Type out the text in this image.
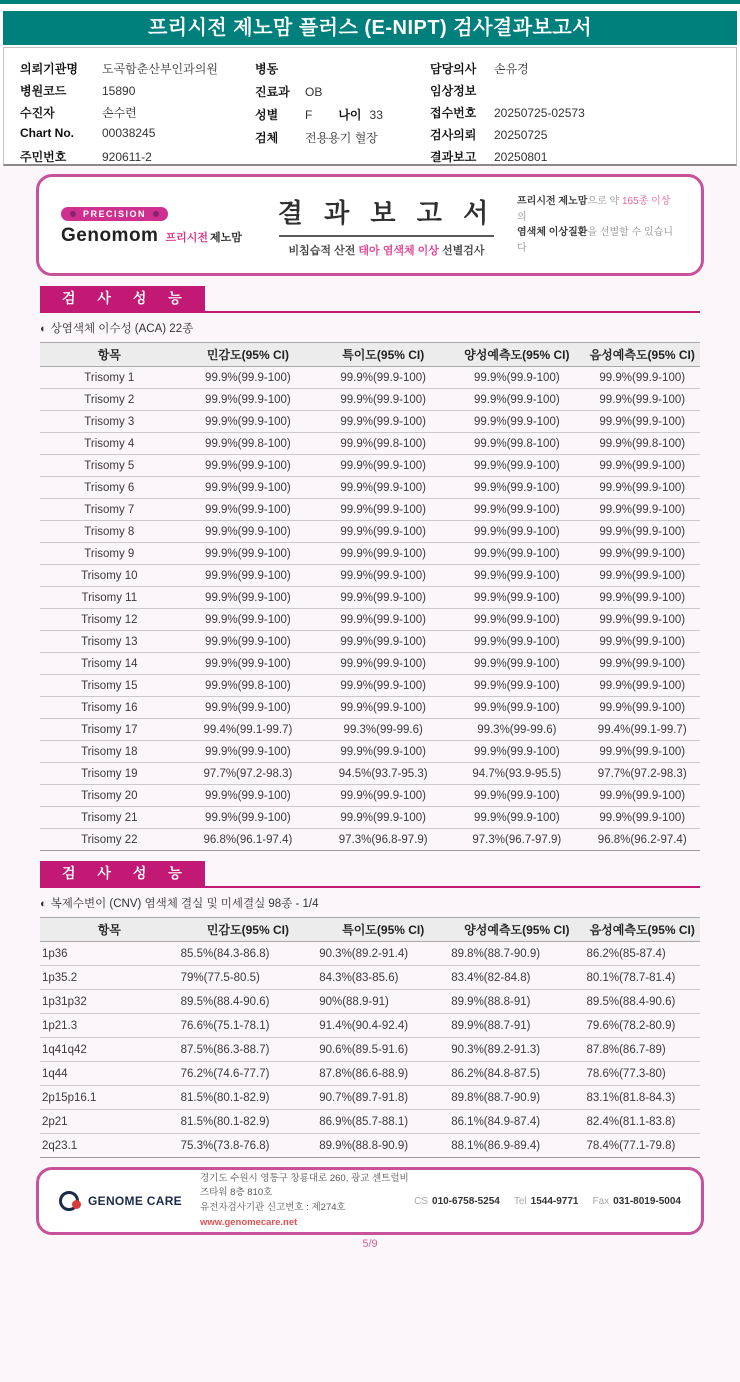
프리시전 제노맘 플러스 (E-NIPT) 검사결과보고서
의뢰기관명	도곡함춘산부인과의원
병원코드	15890
수진자	손수련
Chart No.	00038245
주민번호	920611-2
병동
진료과	OB
성별	F 나이 33
검체	전용용기 혈장
담당의사	손유경
임상정보
접수번호	20250725-02573
검사의뢰	20250725
결과보고	20250801
PRECISION
Genomom 프리시전 제노맘
결 과 보 고 서
비침습적 산전 태아 염색체 이상 선별검사
프리시전 제노맘으로 약 165종 이상의
염색체 이상질환을 선별할 수 있습니다
검 사 성 능
◐ 상염색체 이수성 (ACA) 22종
항목	민감도(95% CI)	특이도(95% CI)	양성예측도(95% CI)	음성예측도(95% CI)
Trisomy 1	99.9%(99.9-100)	99.9%(99.9-100)	99.9%(99.9-100)	99.9%(99.9-100)
Trisomy 2	99.9%(99.9-100)	99.9%(99.9-100)	99.9%(99.9-100)	99.9%(99.9-100)
Trisomy 3	99.9%(99.9-100)	99.9%(99.9-100)	99.9%(99.9-100)	99.9%(99.9-100)
Trisomy 4	99.9%(99.8-100)	99.9%(99.8-100)	99.9%(99.8-100)	99.9%(99.8-100)
Trisomy 5	99.9%(99.9-100)	99.9%(99.9-100)	99.9%(99.9-100)	99.9%(99.9-100)
Trisomy 6	99.9%(99.9-100)	99.9%(99.9-100)	99.9%(99.9-100)	99.9%(99.9-100)
Trisomy 7	99.9%(99.9-100)	99.9%(99.9-100)	99.9%(99.9-100)	99.9%(99.9-100)
Trisomy 8	99.9%(99.9-100)	99.9%(99.9-100)	99.9%(99.9-100)	99.9%(99.9-100)
Trisomy 9	99.9%(99.9-100)	99.9%(99.9-100)	99.9%(99.9-100)	99.9%(99.9-100)
Trisomy 10	99.9%(99.9-100)	99.9%(99.9-100)	99.9%(99.9-100)	99.9%(99.9-100)
Trisomy 11	99.9%(99.9-100)	99.9%(99.9-100)	99.9%(99.9-100)	99.9%(99.9-100)
Trisomy 12	99.9%(99.9-100)	99.9%(99.9-100)	99.9%(99.9-100)	99.9%(99.9-100)
Trisomy 13	99.9%(99.9-100)	99.9%(99.9-100)	99.9%(99.9-100)	99.9%(99.9-100)
Trisomy 14	99.9%(99.9-100)	99.9%(99.9-100)	99.9%(99.9-100)	99.9%(99.9-100)
Trisomy 15	99.9%(99.8-100)	99.9%(99.9-100)	99.9%(99.9-100)	99.9%(99.9-100)
Trisomy 16	99.9%(99.9-100)	99.9%(99.9-100)	99.9%(99.9-100)	99.9%(99.9-100)
Trisomy 17	99.4%(99.1-99.7)	99.3%(99-99.6)	99.3%(99-99.6)	99.4%(99.1-99.7)
Trisomy 18	99.9%(99.9-100)	99.9%(99.9-100)	99.9%(99.9-100)	99.9%(99.9-100)
Trisomy 19	97.7%(97.2-98.3)	94.5%(93.7-95.3)	94.7%(93.9-95.5)	97.7%(97.2-98.3)
Trisomy 20	99.9%(99.9-100)	99.9%(99.9-100)	99.9%(99.9-100)	99.9%(99.9-100)
Trisomy 21	99.9%(99.9-100)	99.9%(99.9-100)	99.9%(99.9-100)	99.9%(99.9-100)
Trisomy 22	96.8%(96.1-97.4)	97.3%(96.8-97.9)	97.3%(96.7-97.9)	96.8%(96.2-97.4)
검 사 성 능
◐ 복제수변이 (CNV) 염색체 결실 및 미세결실 98종 - 1/4
항목	민감도(95% CI)	특이도(95% CI)	양성예측도(95% CI)	음성예측도(95% CI)
1p36	85.5%(84.3-86.8)	90.3%(89.2-91.4)	89.8%(88.7-90.9)	86.2%(85-87.4)
1p35.2	79%(77.5-80.5)	84.3%(83-85.6)	83.4%(82-84.8)	80.1%(78.7-81.4)
1p31p32	89.5%(88.4-90.6)	90%(88.9-91)	89.9%(88.8-91)	89.5%(88.4-90.6)
1p21.3	76.6%(75.1-78.1)	91.4%(90.4-92.4)	89.9%(88.7-91)	79.6%(78.2-80.9)
1q41q42	87.5%(86.3-88.7)	90.6%(89.5-91.6)	90.3%(89.2-91.3)	87.8%(86.7-89)
1q44	76.2%(74.6-77.7)	87.8%(86.6-88.9)	86.2%(84.8-87.5)	78.6%(77.3-80)
2p15p16.1	81.5%(80.1-82.9)	90.7%(89.7-91.8)	89.8%(88.7-90.9)	83.1%(81.8-84.3)
2p21	81.5%(80.1-82.9)	86.9%(85.7-88.1)	86.1%(84.9-87.4)	82.4%(81.1-83.8)
2q23.1	75.3%(73.8-76.8)	89.9%(88.8-90.9)	88.1%(86.9-89.4)	78.4%(77.1-79.8)
GENOME CARE
경기도 수원시 영통구 창룡대로 260, 광교 센트럴비즈타워 8층 810호
유전자검사기관 신고번호 : 제274호
www.genomecare.net
CS 010-6758-5254 Tel 1544-9771 Fax 031-8019-5004
5/9
